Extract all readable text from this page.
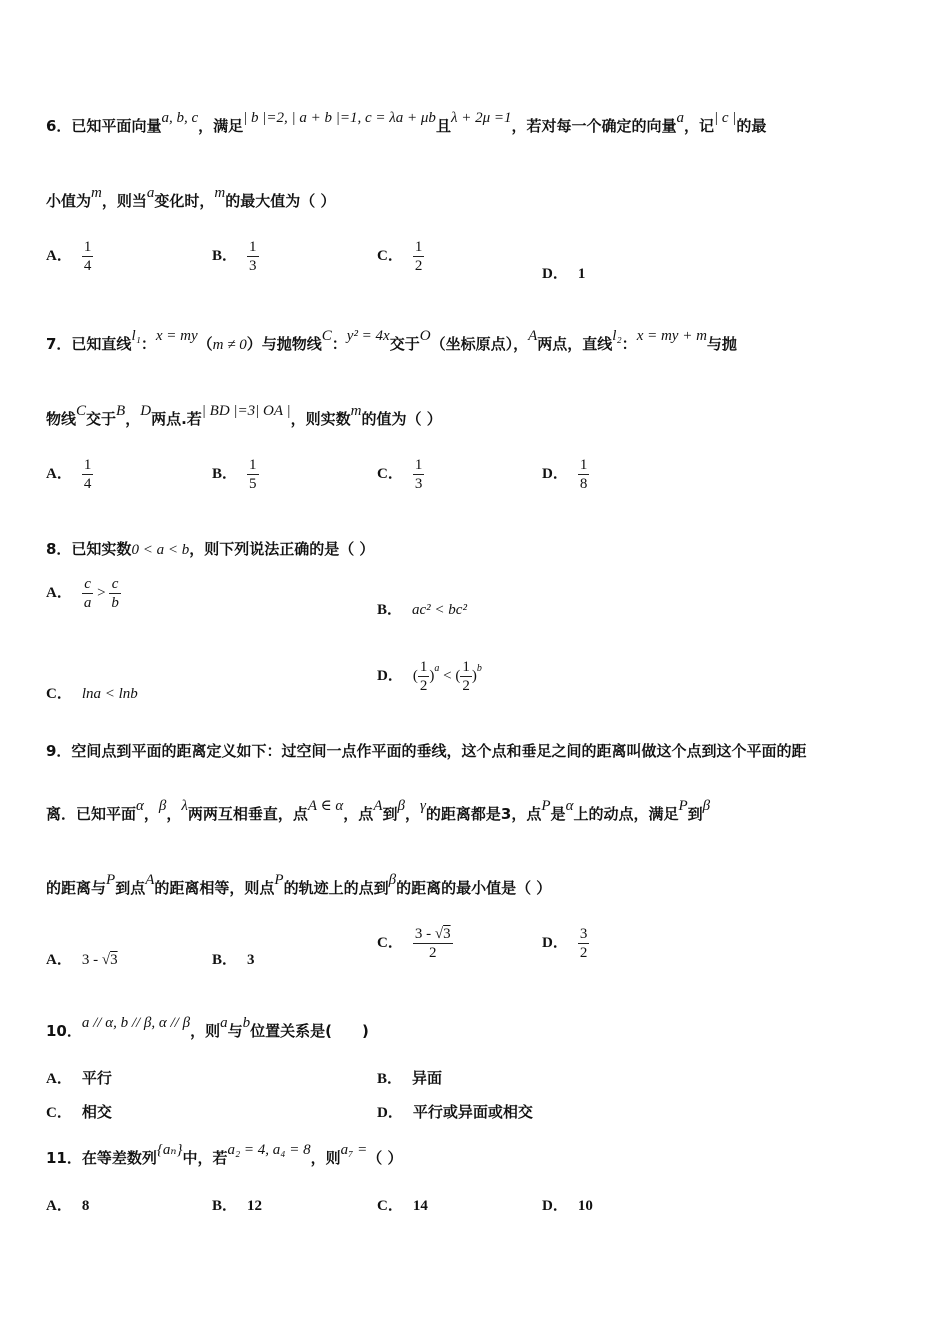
6．已知平面向量a, b, c，满足| b |=2, | a + b |=1, c = λa + μb且λ + 2μ =1，若对每一个确定的向量a，记| c |的最
小值为m，则当a变化时，m的最大值为（ ）
A． $\frac{1}{4}$	B． $\frac{1}{3}$	C． $\frac{1}{2}$	D． 1
7．已知直线l₁：x = my（m ≠ 0）与抛物线C：y² = 4x交于O（坐标原点），A两点，直线l₂：x = my + m与抛
物线C交于B，D两点.若| BD |=3| OA |，则实数m的值为（ ）
A． $\frac{1}{4}$	B． $\frac{1}{5}$	C． $\frac{1}{3}$	D． $\frac{1}{8}$
8．已知实数0 < a < b，则下列说法正确的是（ ）
A． $\frac{c}{a} > \frac{c}{b}$	B． ac² < bc²
C． lna < lnb
D． ( $\frac{1}{2} )a$ < ( $\frac{1}{2} )b$
9．空间点到平面的距离定义如下：过空间一点作平面的垂线，这个点和垂足之间的距离叫做这个点到这个平面的距
离．已知平面α，β，λ两两互相垂直，点A ∈ α，点A到β，γ的距离都是3，点P是α上的动点，满足P到β
的距离与P到点A的距离相等，则点P的轨迹上的点到β的距离的最小值是（ ）
A． 3 - √3	B． 3
C． $\frac{3 - √3}{2}$	D． $\frac{3}{2}$
10．a // α, b // β, α // β，则a与b位置关系是(　　)
A． 平行	B． 异面
C． 相交	D． 平行或异面或相交
11．在等差数列{aₙ}中，若a₂ = 4, a₄ = 8，则a₇ =（ ）
A． 8	B． 12	C． 14	D． 10
